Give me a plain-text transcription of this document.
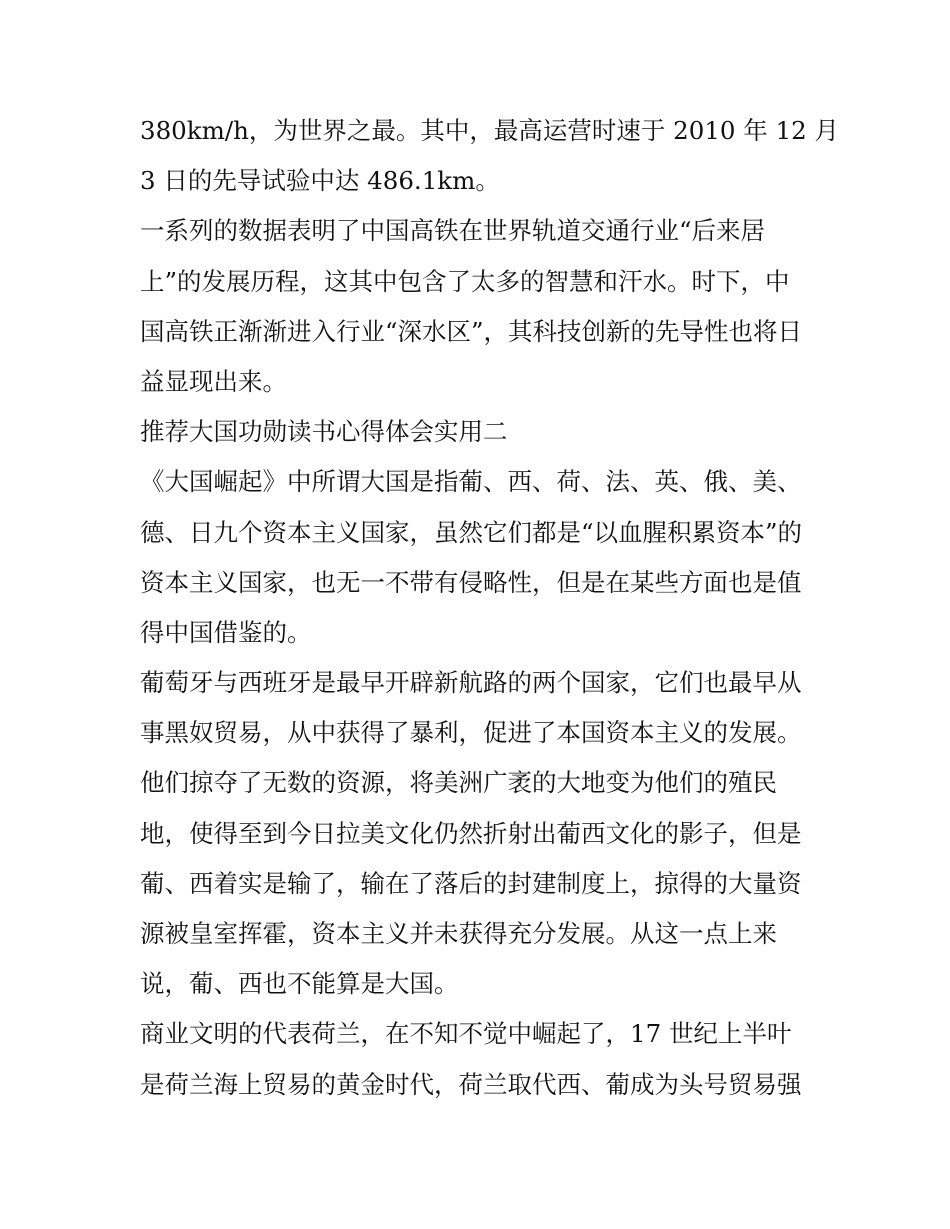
380km/h，为世界之最。其中，最高运营时速于 2010 年 12 月
3 日的先导试验中达 486.1km。
一系列的数据表明了中国高铁在世界轨道交通行业“后来居
上”的发展历程，这其中包含了太多的智慧和汗水。时下，中
国高铁正渐渐进入行业“深水区”，其科技创新的先导性也将日
益显现出来。
推荐大国功勋读书心得体会实用二
《大国崛起》中所谓大国是指葡、西、荷、法、英、俄、美、
德、日九个资本主义国家，虽然它们都是“以血腥积累资本”的
资本主义国家，也无一不带有侵略性，但是在某些方面也是值
得中国借鉴的。
葡萄牙与西班牙是最早开辟新航路的两个国家，它们也最早从
事黑奴贸易，从中获得了暴利，促进了本国资本主义的发展。
他们掠夺了无数的资源，将美洲广袤的大地变为他们的殖民
地，使得至到今日拉美文化仍然折射出葡西文化的影子，但是
葡、西着实是输了，输在了落后的封建制度上，掠得的大量资
源被皇室挥霍，资本主义并未获得充分发展。从这一点上来
说，葡、西也不能算是大国。
商业文明的代表荷兰，在不知不觉中崛起了，17 世纪上半叶
是荷兰海上贸易的黄金时代，荷兰取代西、葡成为头号贸易强
